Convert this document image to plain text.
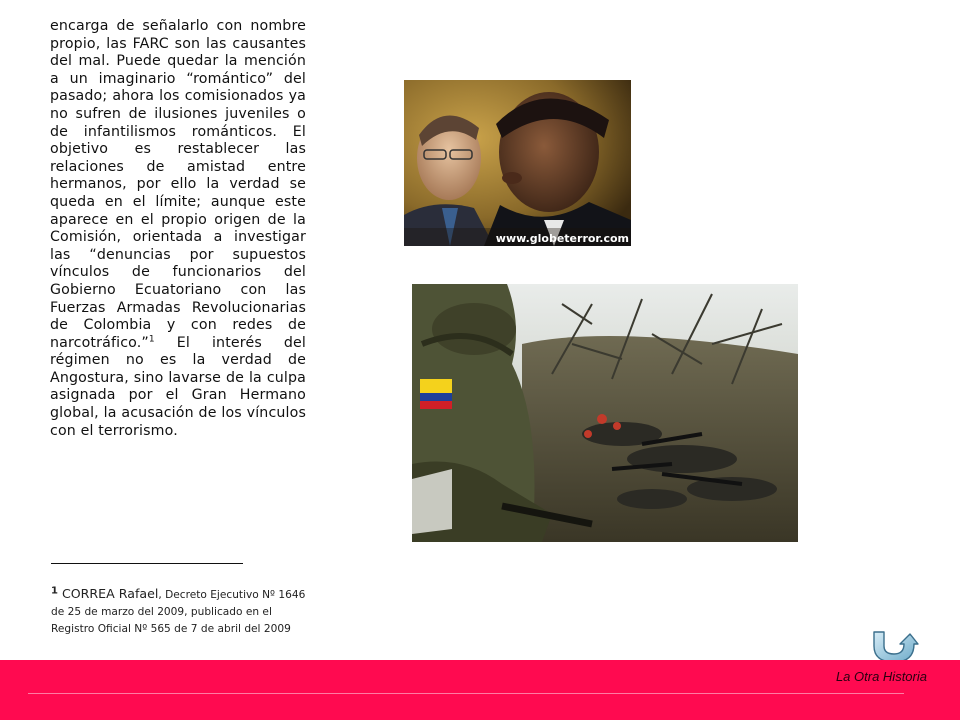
encarga de señalarlo con nombre propio, las FARC son las causantes del mal. Puede quedar la mención a un imaginario “romántico” del pasado; ahora los comisionados ya no sufren de ilusiones juveniles o de infantilismos románticos. El objetivo es restablecer las relaciones de amistad entre hermanos, por ello la verdad se queda en el límite; aunque este aparece en el propio origen de la Comisión, orientada a investigar las “denuncias por supuestos vínculos de funcionarios del Gobierno Ecuatoriano con las Fuerzas Armadas Revolucionarias de Colombia y con redes de narcotráfico.”$^1$ El interés del régimen no es la verdad de Angostura, sino lavarse de la culpa asignada por el Gran Hermano global, la acusación de los vínculos con el terrorismo.
www.globeterror.com
$^1$ CORREA Rafael, Decreto Ejecutivo Nº 1646 de 25 de marzo del 2009, publicado en el Registro Oficial Nº 565 de 7 de abril del 2009
La Otra Historia
